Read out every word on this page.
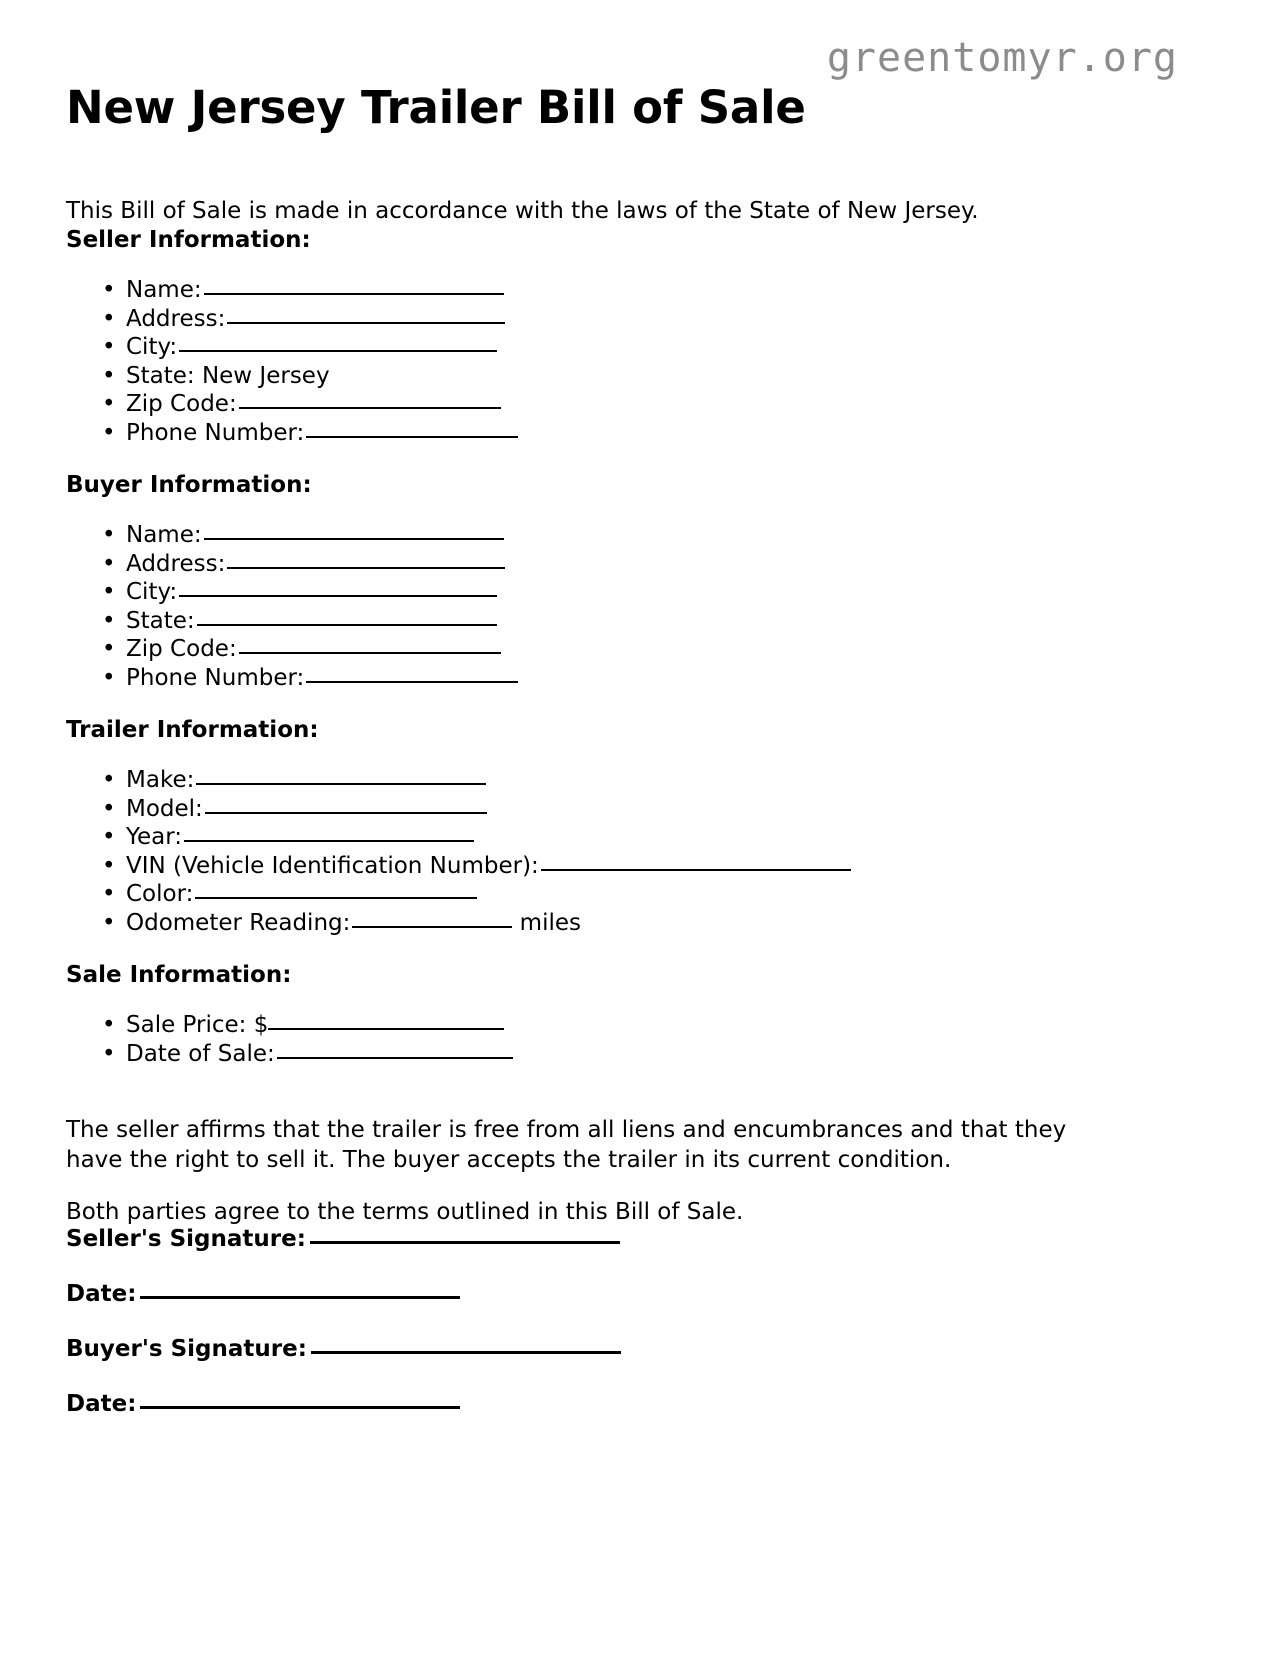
greentomyr.org
New Jersey Trailer Bill of Sale

This Bill of Sale is made in accordance with the laws of the State of New Jersey.

Seller Information:
• Name:
• Address:
• City:
• State: New Jersey
• Zip Code:
• Phone Number:
Buyer Information:
• Name:
• Address:
• City:
• State:
• Zip Code:
• Phone Number:
Trailer Information:
• Make:
• Model:
• Year:
• VIN (Vehicle Identification Number):
• Color:
• Odometer Reading:	miles
Sale Information:
• Sale Price: $
• Date of Sale:

The seller affirms that the trailer is free from all liens and encumbrances and that they have the right to sell it. The buyer accepts the trailer in its current condition.

Both parties agree to the terms outlined in this Bill of Sale.

Seller's Signature:
Date:
Buyer's Signature:
Date:
